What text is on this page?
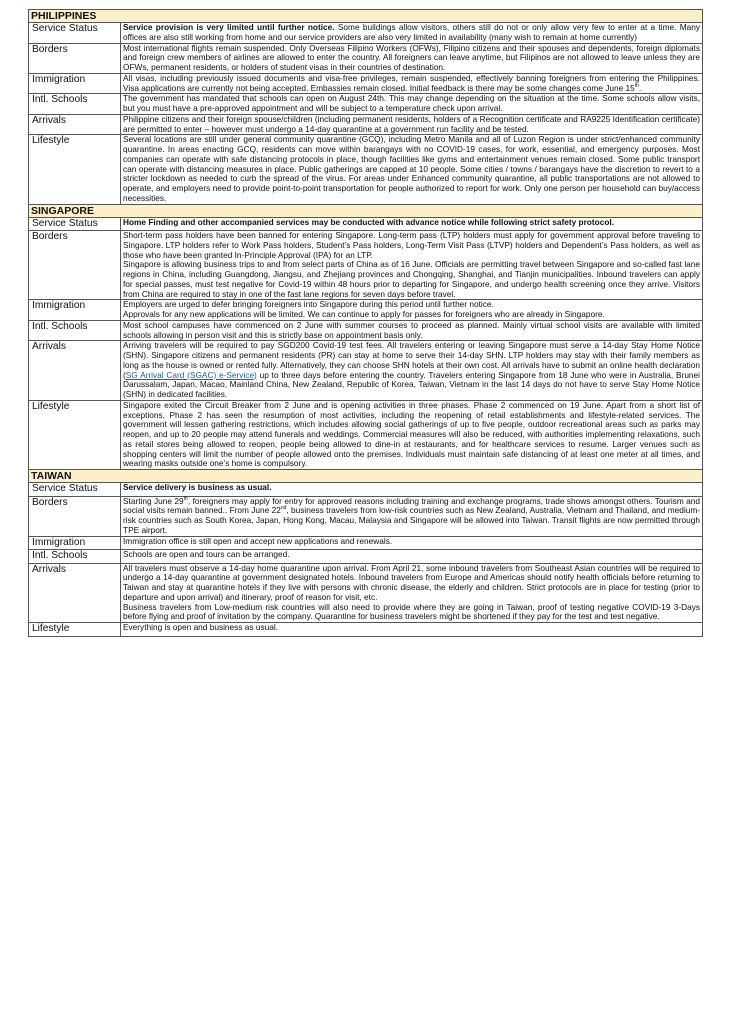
PHILIPPINES	
Service Status	Service provision is very limited until further notice. Some buildings allow visitors, others still do not or only allow very few to enter at a time. Many offices are also still working from home and our service providers are also very limited in availability (many wish to remain at home currently)
Borders	Most international flights remain suspended. Only Overseas Filipino Workers (OFWs), Filipino citizens and their spouses and dependents, foreign diplomats and foreign crew members of airlines are allowed to enter the country. All foreigners can leave anytime, but Filipinos are not allowed to leave unless they are OFWs, permanent residents, or holders of student visas in their countries of destination.
Immigration	All visas, including previously issued documents and visa-free privileges, remain suspended, effectively banning foreigners from entering the Philippines. Visa applications are currently not being accepted. Embassies remain closed. Initial feedback is there may be some changes come June 15th.
Intl. Schools	The government has mandated that schools can open on August 24th. This may change depending on the situation at the time. Some schools allow visits, but you must have a pre-approved appointment and will be subject to a temperature check upon arrival.
Arrivals	Philippine citizens and their foreign spouse/children (including permanent residents, holders of a Recognition certificate and RA9225 Identification certificate) are permitted to enter – however must undergo a 14-day quarantine at a government run facility and be tested.
Lifestyle	Several locations are still under general community quarantine (GCQ), including Metro Manila and all of Luzon Region is under strict/enhanced community quarantine. In areas enacting GCQ, residents can move within barangays with no COVID-19 cases, for work, essential, and emergency purposes. Most companies can operate with safe distancing protocols in place, though facilities like gyms and entertainment venues remain closed. Some public transport can operate with distancing measures in place. Public gatherings are capped at 10 people. Some cities / towns / barangays have the discretion to revert to a stricter lockdown as needed to curb the spread of the virus. For areas under Enhanced community quarantine, all public transportations are not allowed to operate, and employers need to provide point-to-point transportation for people authorized to report for work. Only one person per household can buy/access necessities.
SINGAPORE	
Service Status	Home Finding and other accompanied services may be conducted with advance notice while following strict safety protocol.
Borders	Short-term pass holders have been banned for entering Singapore. Long-term pass (LTP) holders must apply for government approval before traveling to Singapore. LTP holders refer to Work Pass holders, Student’s Pass holders, Long-Term Visit Pass (LTVP) holders and Dependent’s Pass holders, as well as those who have been granted In-Principle Approval (IPA) for an LTP.

Singapore is allowing business trips to and from select parts of China as of 16 June. Officials are permitting travel between Singapore and so-called fast lane regions in China, including Guangdong, Jiangsu, and Zhejiang provinces and Chongqing, Shanghai, and Tianjin municipalities. Inbound travelers can apply for special passes, must test negative for Covid-19 within 48 hours prior to departing for Singapore, and undergo health screening once they arrive. Visitors from China are required to stay in one of the fast lane regions for seven days before travel.

Immigration	Employers are urged to defer bringing foreigners into Singapore during this period until further notice.

Approvals for any new applications will be limited. We can continue to apply for passes for foreigners who are already in Singapore.

Intl. Schools	Most school campuses have commenced on 2 June with summer courses to proceed as planned. Mainly virtual school visits are available with limited schools allowing in person visit and this is strictly base on appointment basis only.
Arrivals	Arriving travelers will be required to pay SGD200 Covid-19 test fees. All travelers entering or leaving Singapore must serve a 14-day Stay Home Notice (SHN). Singapore citizens and permanent residents (PR) can stay at home to serve their 14-day SHN. LTP holders may stay with their family members as long as the house is owned or rented fully. Alternatively, they can choose SHN hotels at their own cost. All arrivals have to submit an online health declaration (SG Arrival Card (SGAC) e-Service) up to three days before entering the country. Travelers entering Singapore from 18 June who were in Australia, Brunei Darussalam, Japan, Macao, Mainland China, New Zealand, Republic of Korea, Taiwan, Vietnam in the last 14 days do not have to serve Stay Home Notice (SHN) in dedicated facilities.
Lifestyle	Singapore exited the Circuit Breaker from 2 June and is opening activities in three phases. Phase 2 commenced on 19 June. Apart from a short list of exceptions, Phase 2 has seen the resumption of most activities, including the reopening of retail establishments and lifestyle-related services. The government will lessen gathering restrictions, which includes allowing social gatherings of up to five people, outdoor recreational areas such as parks may reopen, and up to 20 people may attend funerals and weddings. Commercial measures will also be reduced, with authorities implementing relaxations, such as retail stores being allowed to reopen, people being allowed to dine-in at restaurants, and for healthcare services to resume. Larger venues such as shopping centers will limit the number of people allowed onto the premises. Individuals must maintain safe distancing of at least one meter at all times, and wearing masks outside one’s home is compulsory.
TAIWAN	
Service Status	Service delivery is business as usual.
Borders	Starting June 29th, foreigners may apply for entry for approved reasons including training and exchange programs, trade shows amongst others. Tourism and social visits remain banned.. From June 22nd, business travelers from low-risk countries such as New Zealand, Australia, Vietnam and Thailand, and medium-risk countries such as South Korea, Japan, Hong Kong, Macau, Malaysia and Singapore will be allowed into Taiwan. Transit flights are now permitted through TPE airport.
Immigration	Immigration office is still open and accept new applications and renewals.
Intl. Schools	Schools are open and tours can be arranged.
Arrivals	All travelers must observe a 14-day home quarantine upon arrival. From April 21, some inbound travelers from Southeast Asian countries will be required to undergo a 14-day quarantine at government designated hotels. Inbound travelers from Europe and Americas should notify health officials before returning to Taiwan and stay at quarantine hotels if they live with persons with chronic disease, the elderly and children. Strict protocols are in place for testing (prior to departure and upon arrival) and itinerary, proof of reason for visit, etc.

Business travelers from Low-medium risk countries will also need to provide where they are going in Taiwan, proof of testing negative COVID-19 3-Days before flying and proof of invitation by the company. Quarantine for business travelers might be shortened if they pay for the test and test negative.

Lifestyle	Everything is open and business as usual.
